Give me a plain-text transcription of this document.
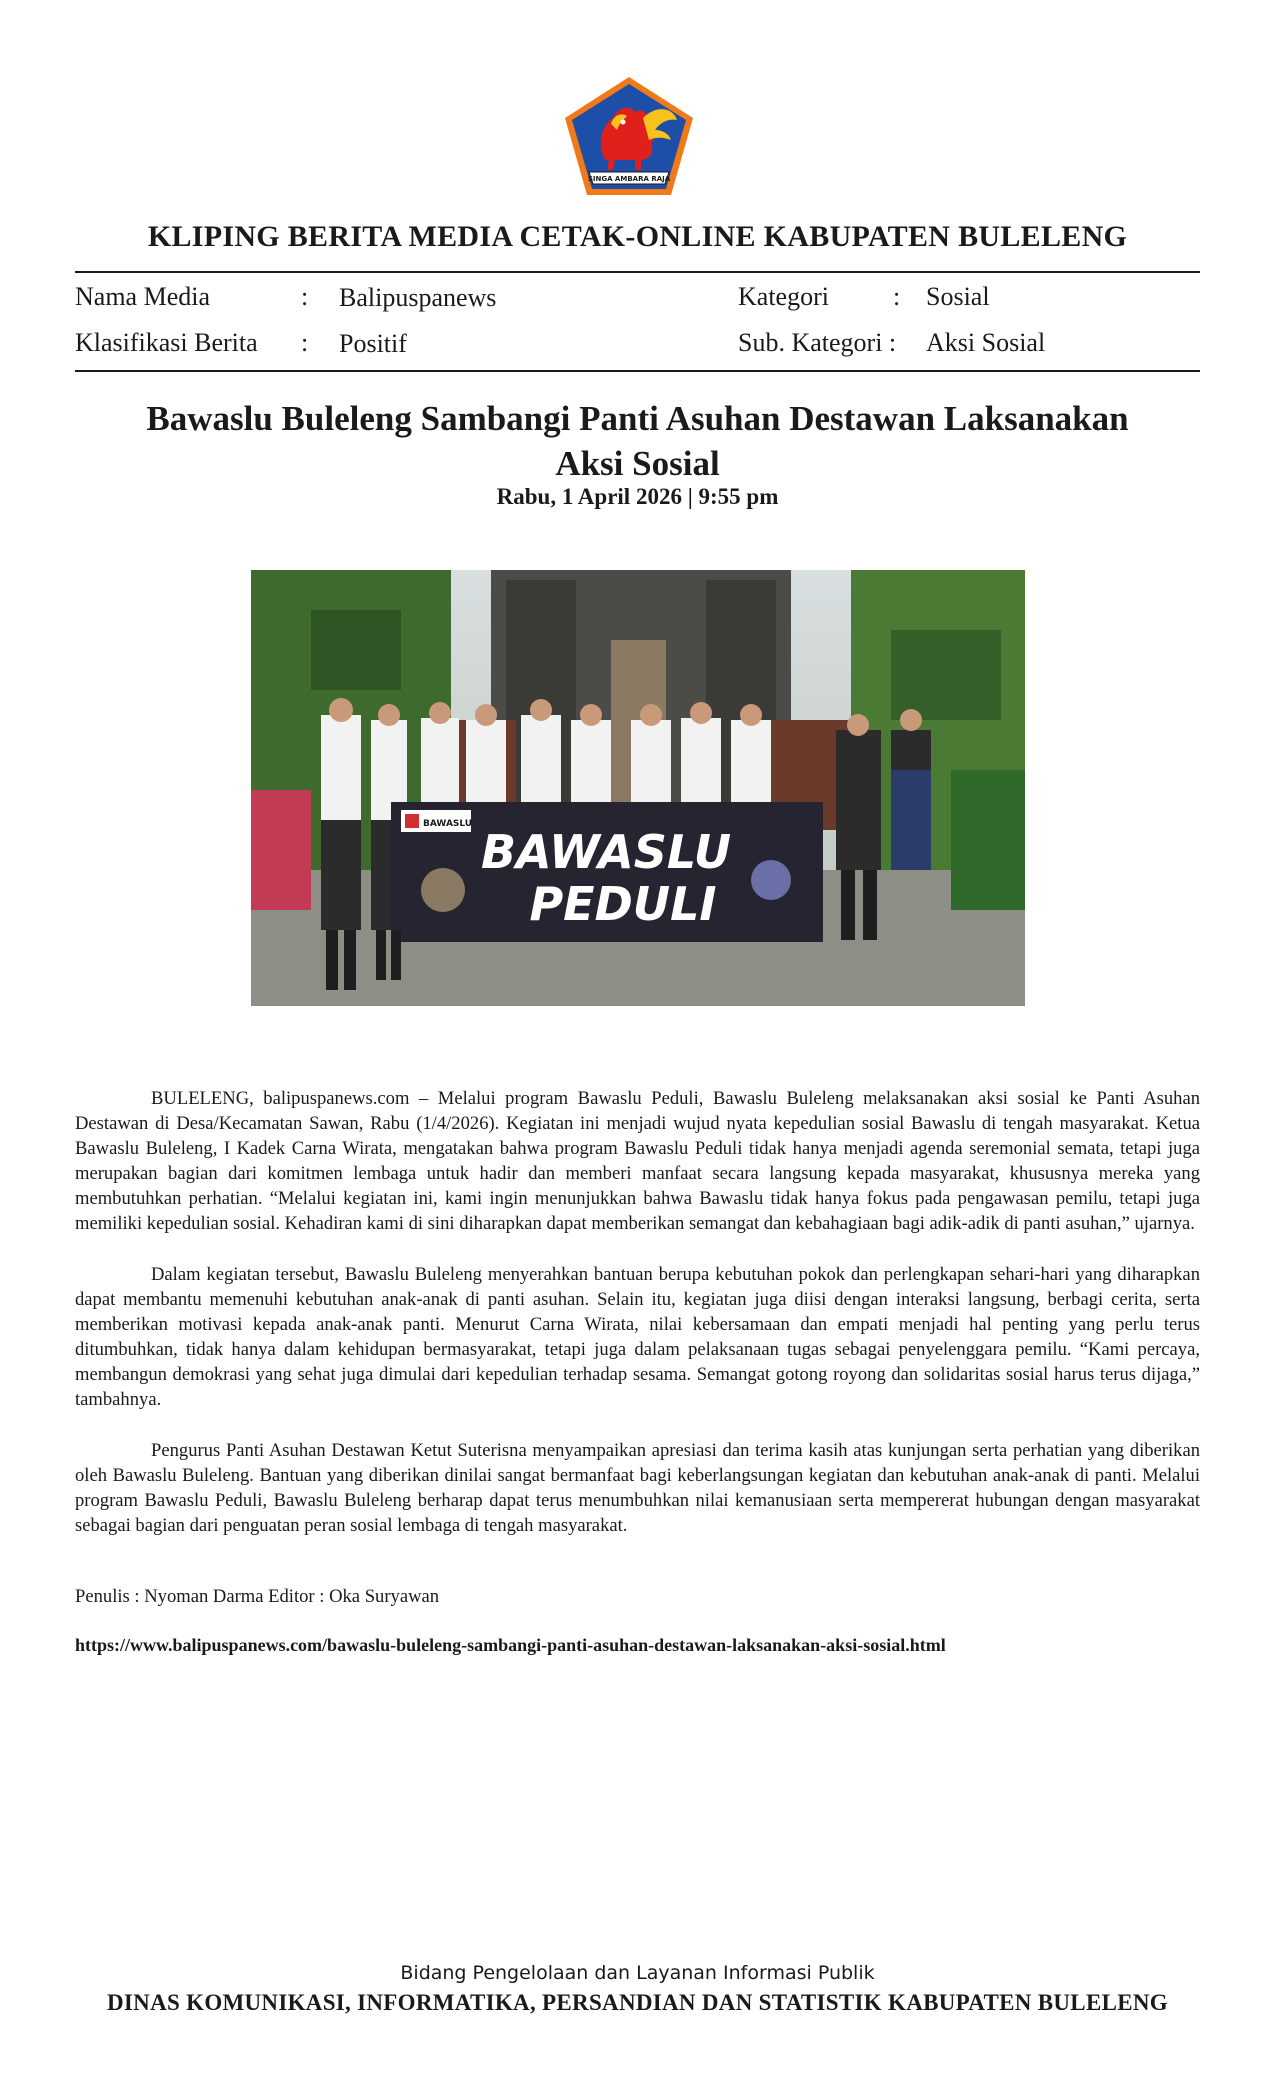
SINGA AMBARA RAJA
KLIPING BERITA MEDIA CETAK-ONLINE KABUPATEN BULELENG
Nama Media	: Balipuspanews
Klasifikasi Berita : Positif
Kategori : Sosial
Sub. Kategori : Aksi Sosial
Bawaslu Buleleng Sambangi Panti Asuhan Destawan Laksanakan
Aksi Sosial
Rabu, 1 April 2026 | 9:55 pm
BAWASLU
BAWASLU
PEDULI

BULELENG, balipuspanews.com – Melalui program Bawaslu Peduli, Bawaslu Buleleng melaksanakan aksi sosial ke Panti Asuhan Destawan di Desa/Kecamatan Sawan, Rabu (1/4/2026). Kegiatan ini menjadi wujud nyata kepedulian sosial Bawaslu di tengah masyarakat. Ketua Bawaslu Buleleng, I Kadek Carna Wirata, mengatakan bahwa program Bawaslu Peduli tidak hanya menjadi agenda seremonial semata, tetapi juga merupakan bagian dari komitmen lembaga untuk hadir dan memberi manfaat secara langsung kepada masyarakat, khususnya mereka yang membutuhkan perhatian. “Melalui kegiatan ini, kami ingin menunjukkan bahwa Bawaslu tidak hanya fokus pada pengawasan pemilu, tetapi juga memiliki kepedulian sosial. Kehadiran kami di sini diharapkan dapat memberikan semangat dan kebahagiaan bagi adik-adik di panti asuhan,” ujarnya.

Dalam kegiatan tersebut, Bawaslu Buleleng menyerahkan bantuan berupa kebutuhan pokok dan perlengkapan sehari-hari yang diharapkan dapat membantu memenuhi kebutuhan anak-anak di panti asuhan. Selain itu, kegiatan juga diisi dengan interaksi langsung, berbagi cerita, serta memberikan motivasi kepada anak-anak panti. Menurut Carna Wirata, nilai kebersamaan dan empati menjadi hal penting yang perlu terus ditumbuhkan, tidak hanya dalam kehidupan bermasyarakat, tetapi juga dalam pelaksanaan tugas sebagai penyelenggara pemilu. “Kami percaya, membangun demokrasi yang sehat juga dimulai dari kepedulian terhadap sesama. Semangat gotong royong dan solidaritas sosial harus terus dijaga,” tambahnya.

Pengurus Panti Asuhan Destawan Ketut Suterisna menyampaikan apresiasi dan terima kasih atas kunjungan serta perhatian yang diberikan oleh Bawaslu Buleleng. Bantuan yang diberikan dinilai sangat bermanfaat bagi keberlangsungan kegiatan dan kebutuhan anak-anak di panti. Melalui program Bawaslu Peduli, Bawaslu Buleleng berharap dapat terus menumbuhkan nilai kemanusiaan serta mempererat hubungan dengan masyarakat sebagai bagian dari penguatan peran sosial lembaga di tengah masyarakat.

Penulis : Nyoman Darma Editor : Oka Suryawan
https://www.balipuspanews.com/bawaslu-buleleng-sambangi-panti-asuhan-destawan-laksanakan-aksi-sosial.html
Bidang Pengelolaan dan Layanan Informasi Publik
DINAS KOMUNIKASI, INFORMATIKA, PERSANDIAN DAN STATISTIK KABUPATEN BULELENG
